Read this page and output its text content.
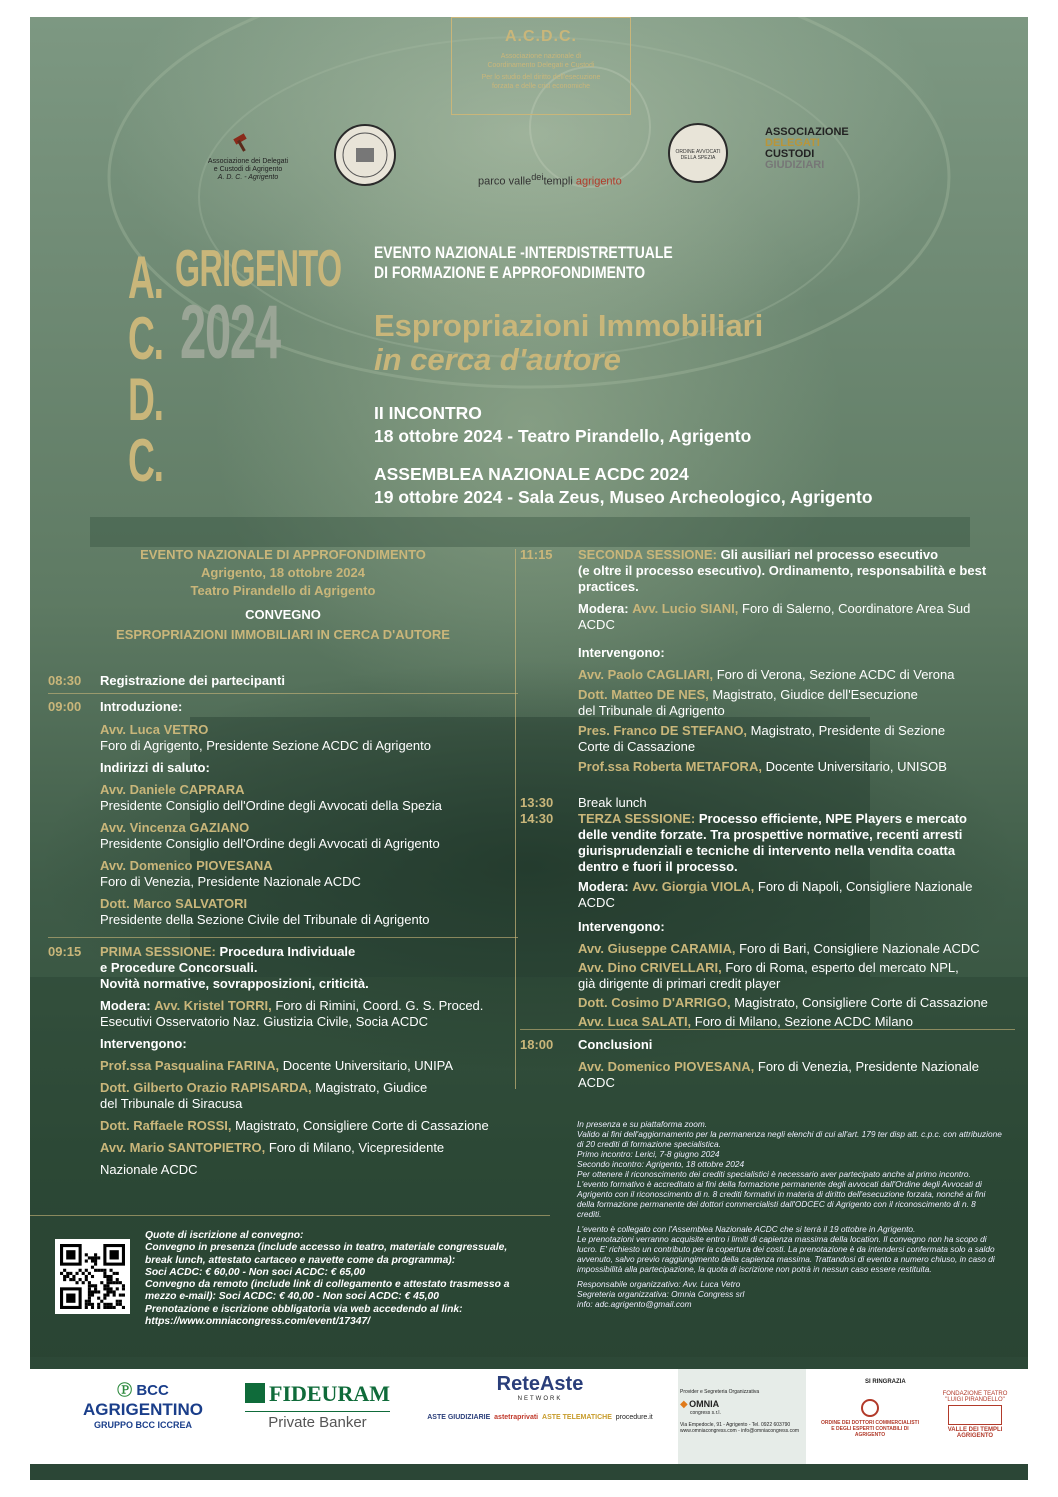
A.C.D.C.
Associazione nazionale di
Coordinamento Delegati e Custodi
Per lo studio del diritto dell'esecuzione
forzata e delle crisi economiche
Associazione dei Delegati
e Custodi di Agrigento
A. D. C. - Agrigento
ORDINE AVVOCATI DELLA SPEZIA
parco valle$^{dei}$templi agrigento
ASSOCIAZIONE
DELEGATI
CUSTODI
GIUDIZIARI
A.
C.
D.
C.
GRIGENTO
2024
EVENTO NAZIONALE -INTERDISTRETTUALE
DI FORMAZIONE E APPROFONDIMENTO
Espropriazioni Immobiliari
in cerca d'autore
II INCONTRO
18 ottobre 2024 - Teatro Pirandello, Agrigento
ASSEMBLEA NAZIONALE ACDC 2024
19 ottobre 2024 - Sala Zeus, Museo Archeologico, Agrigento
EVENTO NAZIONALE DI APPROFONDIMENTO
Agrigento, 18 ottobre 2024
Teatro Pirandello di Agrigento
CONVEGNO
ESPROPRIAZIONI IMMOBILIARI IN CERCA D'AUTORE
08:30 Registrazione dei partecipanti
09:00 Introduzione:
Avv. Luca VETRO
Foro di Agrigento, Presidente Sezione ACDC di Agrigento
Indirizzi di saluto:
Avv. Daniele CAPRARA
Presidente Consiglio dell'Ordine degli Avvocati della Spezia
Avv. Vincenza GAZIANO
Presidente Consiglio dell'Ordine degli Avvocati di Agrigento
Avv. Domenico PIOVESANA
Foro di Venezia, Presidente Nazionale ACDC
Dott. Marco SALVATORI
Presidente della Sezione Civile del Tribunale di Agrigento
09:15 PRIMA SESSIONE: Procedura Individuale
e Procedure Concorsuali.
Novità normative, sovrapposizioni, criticità.
Modera: Avv. Kristel TORRI, Foro di Rimini, Coord. G. S. Proced.
Esecutivi Osservatorio Naz. Giustizia Civile, Socia ACDC
Intervengono:
Prof.ssa Pasqualina FARINA, Docente Universitario, UNIPA
Dott. Gilberto Orazio RAPISARDA, Magistrato, Giudice
del Tribunale di Siracusa
Dott. Raffaele ROSSI, Magistrato, Consigliere Corte di Cassazione
Avv. Mario SANTOPIETRO, Foro di Milano, Vicepresidente
Nazionale ACDC
11:15 SECONDA SESSIONE: Gli ausiliari nel processo esecutivo
(e oltre il processo esecutivo). Ordinamento, responsabilità e best
practices.
Modera: Avv. Lucio SIANI, Foro di Salerno, Coordinatore Area Sud
ACDC
Intervengono:
Avv. Paolo CAGLIARI, Foro di Verona, Sezione ACDC di Verona
Dott. Matteo DE NES, Magistrato, Giudice dell'Esecuzione
del Tribunale di Agrigento
Pres. Franco DE STEFANO, Magistrato, Presidente di Sezione
Corte di Cassazione
Prof.ssa Roberta METAFORA, Docente Universitario, UNISOB
13:30 Break lunch
14:30 TERZA SESSIONE: Processo efficiente, NPE Players e mercato
delle vendite forzate. Tra prospettive normative, recenti arresti
giurisprudenziali e tecniche di intervento nella vendita coatta
dentro e fuori il processo.
Modera: Avv. Giorgia VIOLA, Foro di Napoli, Consigliere Nazionale
ACDC
Intervengono:
Avv. Giuseppe CARAMIA, Foro di Bari, Consigliere Nazionale ACDC
Avv. Dino CRIVELLARI, Foro di Roma, esperto del mercato NPL,
già dirigente di primari credit player
Dott. Cosimo D'ARRIGO, Magistrato, Consigliere Corte di Cassazione
Avv. Luca SALATI, Foro di Milano, Sezione ACDC Milano
18:00 Conclusioni
Avv. Domenico PIOVESANA, Foro di Venezia, Presidente Nazionale
ACDC
In presenza e su piattaforma zoom.
Valido ai fini dell'aggiornamento per la permanenza negli elenchi di cui all'art. 179 ter disp att. c.p.c. con attribuzione di 20 crediti di formazione specialistica.
Primo incontro: Lerici, 7-8 giugno 2024
Secondo incontro: Agrigento, 18 ottobre 2024
Per ottenere il riconoscimento dei crediti specialistici è necessario aver partecipato anche al primo incontro.
L'evento formativo è accreditato ai fini della formazione permanente degli avvocati dall'Ordine degli Avvocati di Agrigento con il riconoscimento di n. 8 crediti formativi in materia di diritto dell'esecuzione forzata, nonché ai fini della formazione permanente dei dottori commercialisti dall'ODCEC di Agrigento con il riconoscimento di n. 8 crediti.
L'evento è collegato con l'Assemblea Nazionale ACDC che si terrà il 19 ottobre in Agrigento.
Le prenotazioni verranno acquisite entro i limiti di capienza massima della location. Il convegno non ha scopo di lucro. E' richiesto un contributo per la copertura dei costi. La prenotazione è da intendersi confermata solo a saldo avvenuto, salvo previo raggiungimento della capienza massima. Trattandosi di evento a numero chiuso, in caso di impossibilità alla partecipazione, la quota di iscrizione non potrà in nessun caso essere restituita.
Responsabile organizzativo: Avv. Luca Vetro
Segreteria organizzativa: Omnia Congress srl
info: adc.agrigento@gmail.com
Quote di iscrizione al convegno:
Convegno in presenza (include accesso in teatro, materiale congressuale, break lunch, attestato cartaceo e navette come da programma):
Soci ACDC: € 60,00 - Non soci ACDC: € 65,00
Convegno da remoto (include link di collegamento e attestato trasmesso a mezzo e-mail): Soci ACDC: € 40,00 - Non soci ACDC: € 45,00
Prenotazione e iscrizione obbligatoria via web accedendo al link:
https://www.omniacongress.com/event/17347/
Ⓟ BCC
AGRIGENTINO
GRUPPO BCC ICCREA
FIDEURAM
Private Banker
ReteAste
NETWORK
ASTE GIUDIZIARIE astetraprivati ASTE TELEMATICHE procedure.it
Provider e Segreteria Organizzativa
◆ OMNIA
congress s.r.l.
Via Empedocle, 91 - Agrigento - Tel. 0922 603790
www.omniacongress.com - info@omniacongress.com
SI RINGRAZIA
ORDINE DEI DOTTORI COMMERCIALISTI
E DEGLI ESPERTI CONTABILI DI
AGRIGENTO
FONDAZIONE TEATRO
"LUIGI PIRANDELLO"
VALLE DEI TEMPLI
AGRIGENTO
